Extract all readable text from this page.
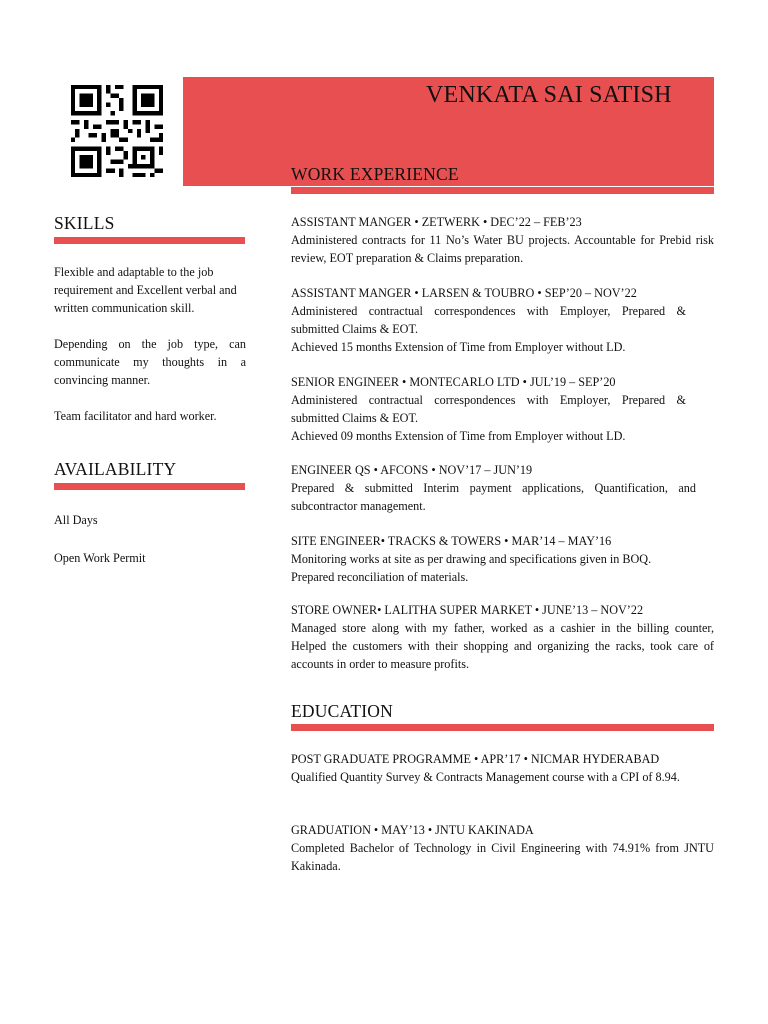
VENKATA SAI SATISH
SKILLS

Flexible and adaptable to the job requirement and Excellent verbal and written communication skill.

Depending on the job type, can communicate my thoughts in a convincing manner.

Team facilitator and hard worker.

AVAILABILITY

All Days

Open Work Permit

WORK EXPERIENCE
ASSISTANT MANGER • ZETWERK • DEC’22 – FEB’23
Administered contracts for 11 No’s Water BU projects. Accountable for Prebid risk review, EOT preparation & Claims preparation.
ASSISTANT MANGER • LARSEN & TOUBRO • SEP’20 – NOV’22
Administered contractual correspondences with Employer, Prepared & submitted Claims & EOT.
Achieved 15 months Extension of Time from Employer without LD.
SENIOR ENGINEER • MONTECARLO LTD • JUL’19 – SEP’20
Administered contractual correspondences with Employer, Prepared & submitted Claims & EOT.
Achieved 09 months Extension of Time from Employer without LD.
ENGINEER QS • AFCONS • NOV’17 – JUN’19
Prepared & submitted Interim payment applications, Quantification, and subcontractor management.
SITE ENGINEER• TRACKS & TOWERS • MAR’14 – MAY’16
Monitoring works at site as per drawing and specifications given in BOQ.
Prepared reconciliation of materials.
STORE OWNER• LALITHA SUPER MARKET • JUNE’13 – NOV’22
Managed store along with my father, worked as a cashier in the billing counter, Helped the customers with their shopping and organizing the racks, took care of accounts in order to measure profits.
EDUCATION
POST GRADUATE PROGRAMME • APR’17 • NICMAR HYDERABAD
Qualified Quantity Survey & Contracts Management course with a CPI of 8.94.
GRADUATION • MAY’13 • JNTU KAKINADA
Completed Bachelor of Technology in Civil Engineering with 74.91% from JNTU Kakinada.
